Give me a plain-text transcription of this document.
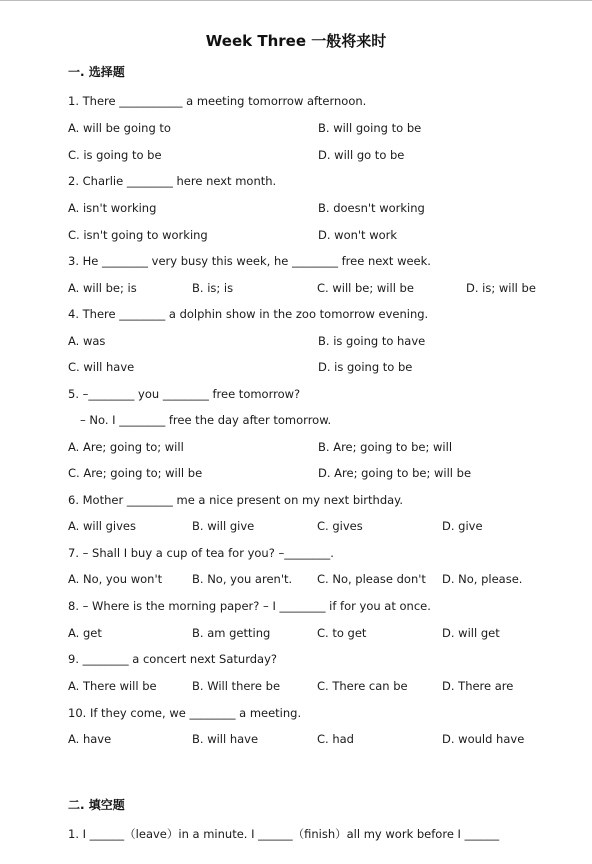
Week Three 一般将来时
一. 选择题
1. There ___________ a meeting tomorrow afternoon.
A. will be going to	B. will going to be
C. is going to be	D. will go to be
2. Charlie ________ here next month.
A. isn't working	B. doesn't working
C. isn't going to working	D. won't work
3. He ________ very busy this week, he ________ free next week.
A. will be; is	B. is; is	C. will be; will be	D. is; will be
4. There ________ a dolphin show in the zoo tomorrow evening.
A. was	B. is going to have
C. will have	D. is going to be
5. –________ you ________ free tomorrow?
– No. I ________ free the day after tomorrow.
A. Are; going to; will	B. Are; going to be; will
C. Are; going to; will be	D. Are; going to be; will be
6. Mother ________ me a nice present on my next birthday.
A. will gives	B. will give	C. gives	D. give
7. – Shall I buy a cup of tea for you? –________.
A. No, you won't	B. No, you aren't. C. No, please don't D. No, please.
8. – Where is the morning paper? – I ________ if for you at once.
A. get	B. am getting	C. to get	D. will get
9. ________ a concert next Saturday?
A. There will be	B. Will there be	C. There can be	D. There are
10. If they come, we ________ a meeting.
A. have	B. will have	C. had	D. would have
二. 填空题
1. I ______（leave）in a minute. I ______（finish）all my work before I ______
